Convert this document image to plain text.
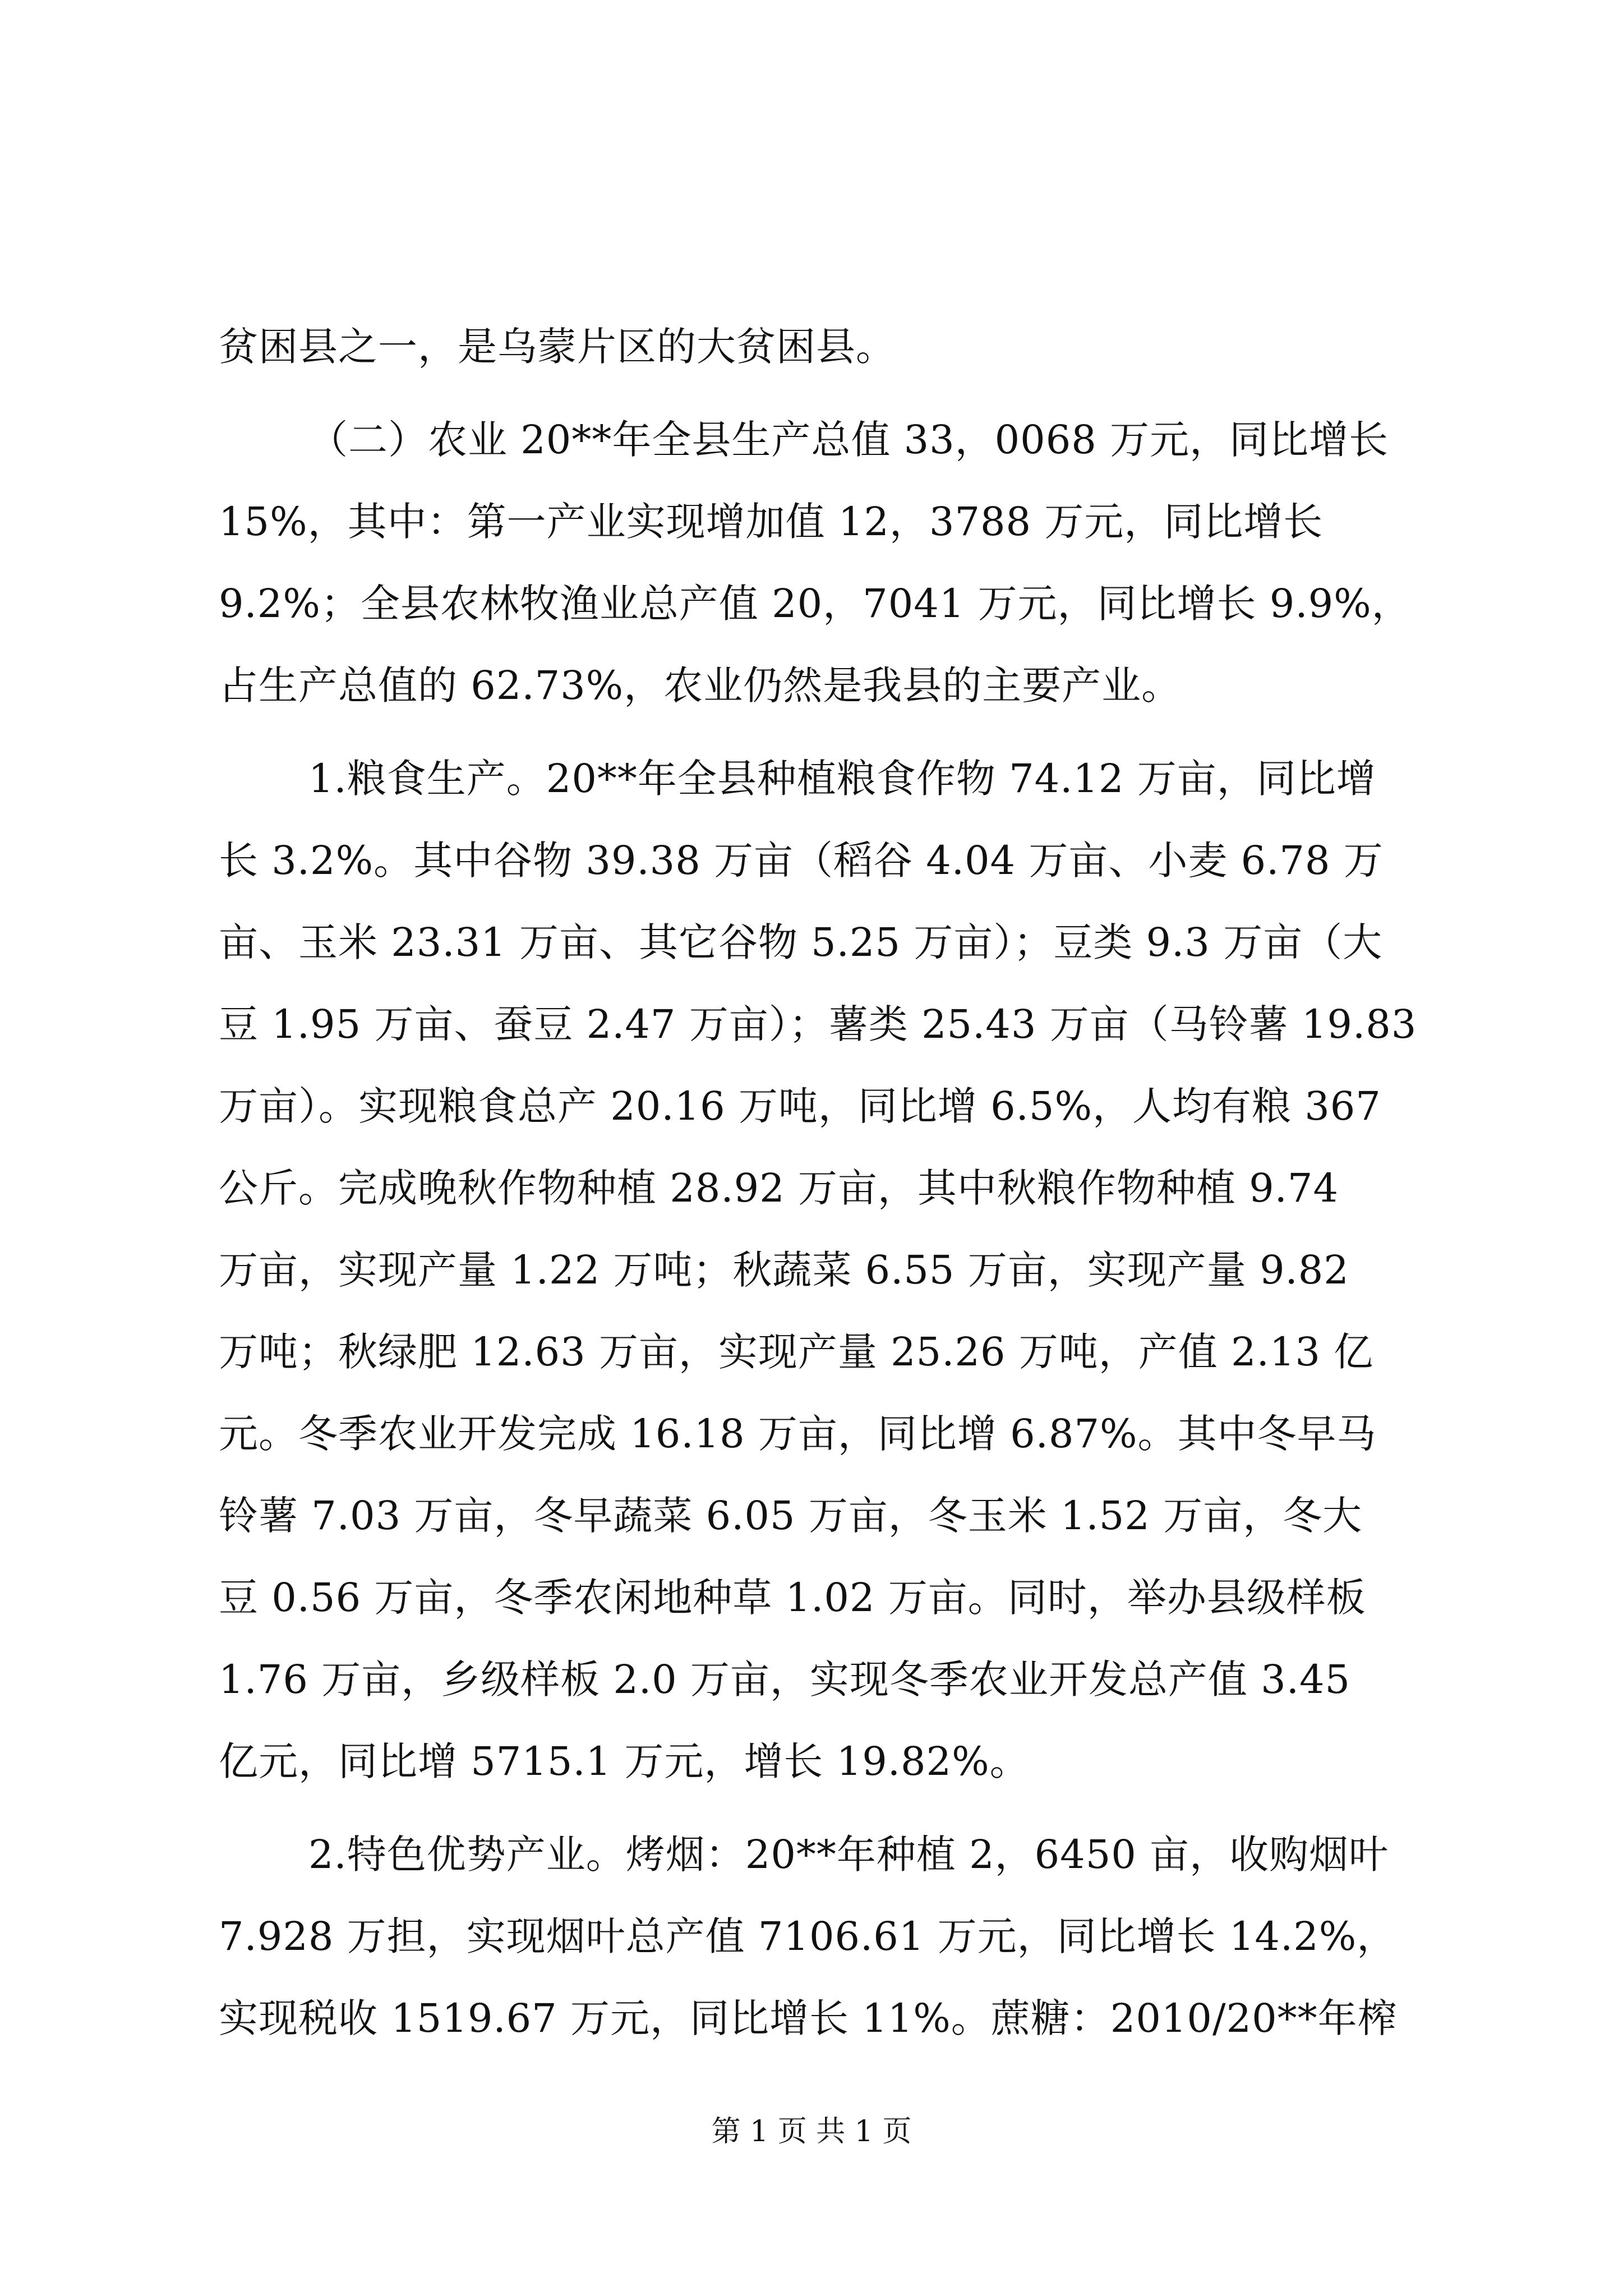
贫困县之一，是乌蒙片区的大贫困县。
（二）农业 20**年全县生产总值 33，0068 万元，同比增长
15%，其中：第一产业实现增加值 12，3788 万元，同比增长
9.2%；全县农林牧渔业总产值 20，7041 万元，同比增长 9.9%，
占生产总值的 62.73%，农业仍然是我县的主要产业。
1.粮食生产。20**年全县种植粮食作物 74.12 万亩，同比增
长 3.2%。其中谷物 39.38 万亩（稻谷 4.04 万亩、小麦 6.78 万
亩、玉米 23.31 万亩、其它谷物 5.25 万亩）；豆类 9.3 万亩（大
豆 1.95 万亩、蚕豆 2.47 万亩）；薯类 25.43 万亩（马铃薯 19.83
万亩）。实现粮食总产 20.16 万吨，同比增 6.5%，人均有粮 367
公斤。完成晚秋作物种植 28.92 万亩，其中秋粮作物种植 9.74
万亩，实现产量 1.22 万吨；秋蔬菜 6.55 万亩，实现产量 9.82
万吨；秋绿肥 12.63 万亩，实现产量 25.26 万吨，产值 2.13 亿
元。冬季农业开发完成 16.18 万亩，同比增 6.87%。其中冬早马
铃薯 7.03 万亩，冬早蔬菜 6.05 万亩，冬玉米 1.52 万亩，冬大
豆 0.56 万亩，冬季农闲地种草 1.02 万亩。同时，举办县级样板
1.76 万亩，乡级样板 2.0 万亩，实现冬季农业开发总产值 3.45
亿元，同比增 5715.1 万元，增长 19.82%。
2.特色优势产业。烤烟：20**年种植 2，6450 亩，收购烟叶
7.928 万担，实现烟叶总产值 7106.61 万元，同比增长 14.2%，
实现税收 1519.67 万元，同比增长 11%。蔗糖：2010/20**年榨
第 1 页 共 1 页
